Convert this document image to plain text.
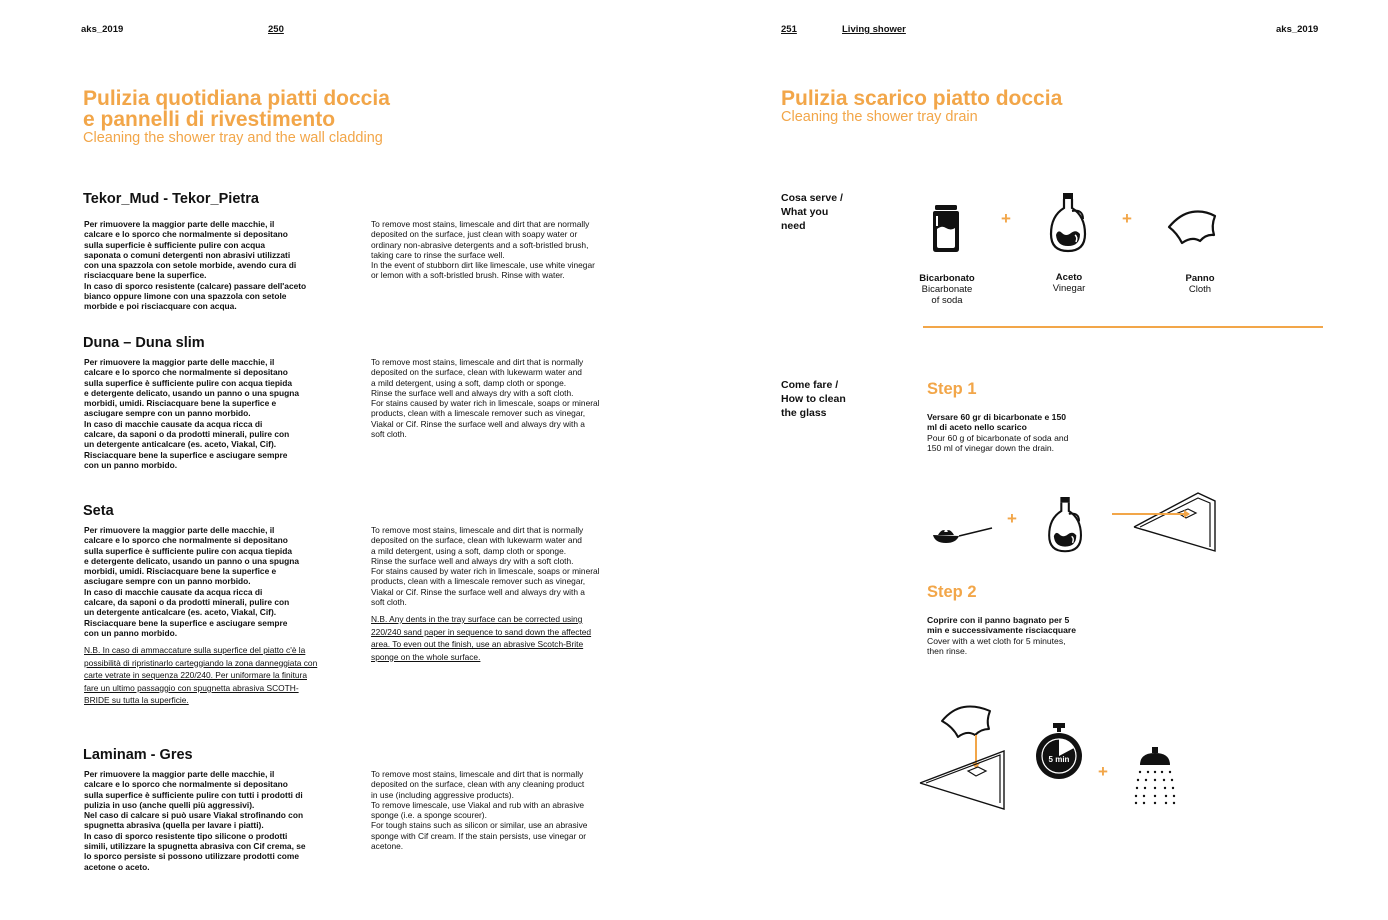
aks_2019	250	251	Living shower	aks_2019
Pulizia quotidiana piatti doccia
e pannelli di rivestimento
Cleaning the shower tray and the wall cladding
Tekor_Mud - Tekor_Pietra
Per rimuovere la maggior parte delle macchie, il
calcare e lo sporco che normalmente si depositano
sulla superficie è sufficiente pulire con acqua
saponata o comuni detergenti non abrasivi utilizzati
con una spazzola con setole morbide, avendo cura di
risciacquare bene la superfice.
In caso di sporco resistente (calcare) passare dell'aceto
bianco oppure limone con una spazzola con setole
morbide e poi risciacquare con acqua.
To remove most stains, limescale and dirt that are normally
deposited on the surface, just clean with soapy water or
ordinary non-abrasive detergents and a soft-bristled brush,
taking care to rinse the surface well.
In the event of stubborn dirt like limescale, use white vinegar
or lemon with a soft-bristled brush. Rinse with water.
Duna – Duna slim
Per rimuovere la maggior parte delle macchie, il
calcare e lo sporco che normalmente si depositano
sulla superfice è sufficiente pulire con acqua tiepida
e detergente delicato, usando un panno o una spugna
morbidi, umidi. Risciacquare bene la superfice e
asciugare sempre con un panno morbido.
In caso di macchie causate da acqua ricca di
calcare, da saponi o da prodotti minerali, pulire con
un detergente anticalcare (es. aceto, Viakal, Cif).
Risciacquare bene la superfice e asciugare sempre
con un panno morbido.
To remove most stains, limescale and dirt that is normally
deposited on the surface, clean with lukewarm water and
a mild detergent, using a soft, damp cloth or sponge.
Rinse the surface well and always dry with a soft cloth.
For stains caused by water rich in limescale, soaps or mineral
products, clean with a limescale remover such as vinegar,
Viakal or Cif. Rinse the surface well and always dry with a
soft cloth.
Seta
Per rimuovere la maggior parte delle macchie, il
calcare e lo sporco che normalmente si depositano
sulla superfice è sufficiente pulire con acqua tiepida
e detergente delicato, usando un panno o una spugna
morbidi, umidi. Risciacquare bene la superfice e
asciugare sempre con un panno morbido.
In caso di macchie causate da acqua ricca di
calcare, da saponi o da prodotti minerali, pulire con
un detergente anticalcare (es. aceto, Viakal, Cif).
Risciacquare bene la superfice e asciugare sempre
con un panno morbido.
N.B. In caso di ammaccature sulla superfice del piatto c'è la
possibilità di ripristinarlo carteggiando la zona danneggiata con
carte vetrate in sequenza 220/240. Per uniformare la finitura
fare un ultimo passaggio con spugnetta abrasiva SCOTH-
BRIDE su tutta la superficie.
To remove most stains, limescale and dirt that is normally
deposited on the surface, clean with lukewarm water and
a mild detergent, using a soft, damp cloth or sponge.
Rinse the surface well and always dry with a soft cloth.
For stains caused by water rich in limescale, soaps or mineral
products, clean with a limescale remover such as vinegar,
Viakal or Cif. Rinse the surface well and always dry with a
soft cloth.
N.B. Any dents in the tray surface can be corrected using
220/240 sand paper in sequence to sand down the affected
area. To even out the finish, use an abrasive Scotch-Brite
sponge on the whole surface.
Laminam - Gres
Per rimuovere la maggior parte delle macchie, il
calcare e lo sporco che normalmente si depositano
sulla superfice è sufficiente pulire con tutti i prodotti di
pulizia in uso (anche quelli più aggressivi).
Nel caso di calcare si può usare Viakal strofinando con
spugnetta abrasiva (quella per lavare i piatti).
In caso di sporco resistente tipo silicone o prodotti
simili, utilizzare la spugnetta abrasiva con Cif crema, se
lo sporco persiste si possono utilizzare prodotti come
acetone o aceto.
To remove most stains, limescale and dirt that is normally
deposited on the surface, clean with any cleaning product
in use (including aggressive products).
To remove limescale, use Viakal and rub with an abrasive
sponge (i.e. a sponge scourer).
For tough stains such as silicon or similar, use an abrasive
sponge with Cif cream. If the stain persists, use vinegar or
acetone.
Pulizia scarico piatto doccia
Cleaning the shower tray drain
Cosa serve /
What you
need	+	+
Bicarbonato
Bicarbonate
of soda
Aceto
Vinegar
Panno
Cloth
Come fare /
How to clean
the glass
Step 1
Versare 60 gr di bicarbonate e 150
ml di aceto nello scarico
Pour 60 g of bicarbonate of soda and
150 ml of vinegar down the drain.
+
Step 2
Coprire con il panno bagnato per 5
min e successivamente risciacquare
Cover with a wet cloth for 5 minutes,
then rinse.
5 min
+
